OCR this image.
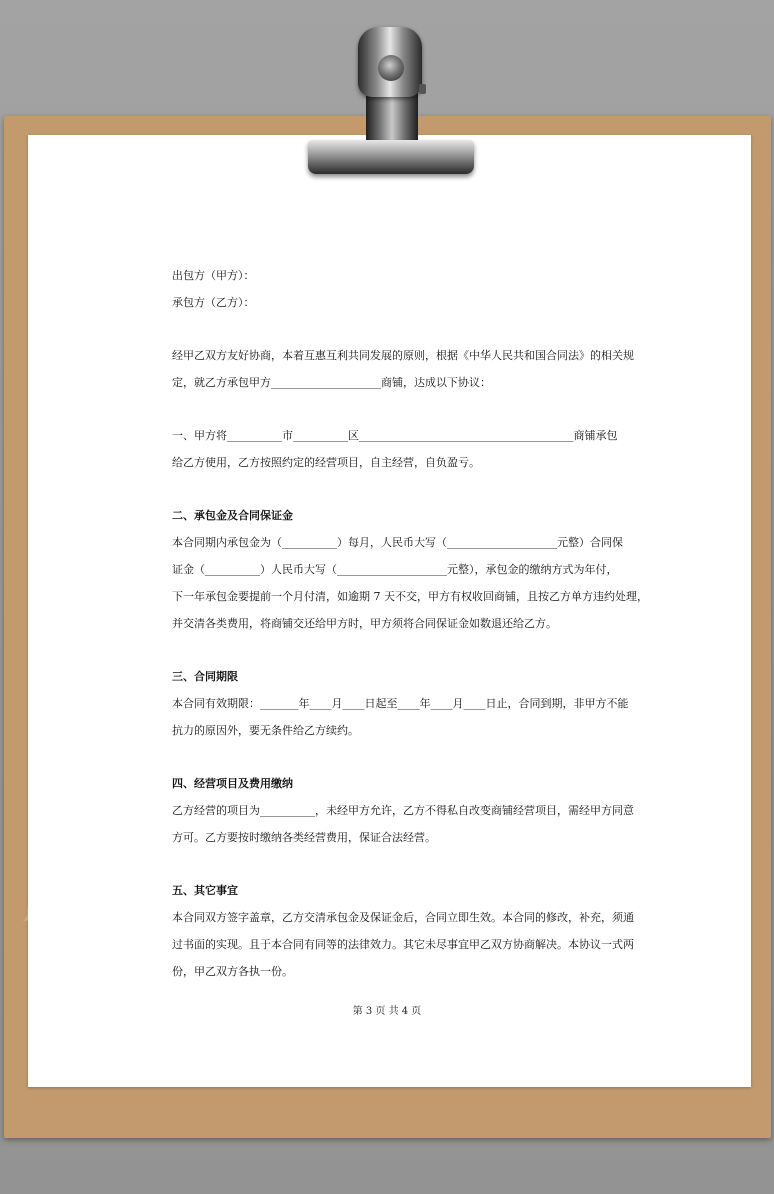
✦	✦
✦
出包方（甲方）：
承包方（乙方）：
经甲乙双方友好协商，本着互惠互利共同发展的原则，根据《中华人民共和国合同法》的相关规
定，就乙方承包甲方____________________商铺，达成以下协议：
一、甲方将__________市__________区_______________________________________商铺承包
给乙方使用，乙方按照约定的经营项目，自主经营，自负盈亏。
二、承包金及合同保证金
本合同期内承包金为（__________）每月，人民币大写（____________________元整）合同保
证金（__________）人民币大写（____________________元整），承包金的缴纳方式为年付，
下一年承包金要提前一个月付清，如逾期 7 天不交，甲方有权收回商铺，且按乙方单方违约处理，
并交清各类费用，将商铺交还给甲方时，甲方须将合同保证金如数退还给乙方。
三、合同期限
本合同有效期限：_______年____月____日起至____年____月____日止，合同到期，非甲方不能
抗力的原因外，要无条件给乙方续约。
四、经营项目及费用缴纳
乙方经营的项目为__________，未经甲方允许，乙方不得私自改变商铺经营项目，需经甲方同意
方可。乙方要按时缴纳各类经营费用，保证合法经营。
五、其它事宜
本合同双方签字盖章，乙方交清承包金及保证金后，合同立即生效。本合同的修改，补充，须通
过书面的实现。且于本合同有同等的法律效力。其它未尽事宜甲乙双方协商解决。本协议一式两
份，甲乙双方各执一份。
第 3 页 共 4 页
